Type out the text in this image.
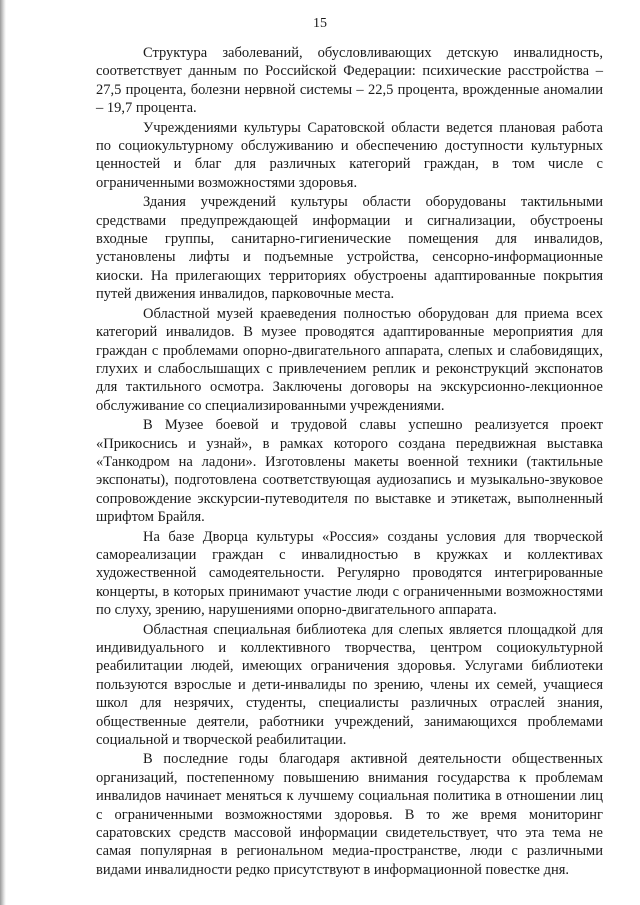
15

Структура заболеваний, обусловливающих детскую инвалидность, соответствует данным по Российской Федерации: психические расстройства – 27,5 процента, болезни нервной системы – 22,5 процента, врожденные аномалии – 19,7 процента.

Учреждениями культуры Саратовской области ведется плановая работа по социокультурному обслуживанию и обеспечению доступности культурных ценностей и благ для различных категорий граждан, в том числе с ограниченными возможностями здоровья.

Здания учреждений культуры области оборудованы тактильными средствами предупреждающей информации и сигнализации, обустроены входные группы, санитарно-гигиенические помещения для инвалидов, установлены лифты и подъемные устройства, сенсорно-информационные киоски. На прилегающих территориях обустроены адаптированные покрытия путей движения инвалидов, парковочные места.

Областной музей краеведения полностью оборудован для приема всех категорий инвалидов. В музее проводятся адаптированные мероприятия для граждан с проблемами опорно-двигательного аппарата, слепых и слабовидящих, глухих и слабослышащих с привлечением реплик и реконструкций экспонатов для тактильного осмотра. Заключены договоры на экскурсионно-лекционное обслуживание со специализированными учреждениями.

В Музее боевой и трудовой славы успешно реализуется проект «Прикоснись и узнай», в рамках которого создана передвижная выставка «Танкодром на ладони». Изготовлены макеты военной техники (тактильные экспонаты), подготовлена соответствующая аудиозапись и музыкально-звуковое сопровождение экскурсии-путеводителя по выставке и этикетаж, выполненный шрифтом Брайля.

На базе Дворца культуры «Россия» созданы условия для творческой самореализации граждан с инвалидностью в кружках и коллективах художественной самодеятельности. Регулярно проводятся интегрированные концерты, в которых принимают участие люди с ограниченными возможностями по слуху, зрению, нарушениями опорно-двигательного аппарата.

Областная специальная библиотека для слепых является площадкой для индивидуального и коллективного творчества, центром социокультурной реабилитации людей, имеющих ограничения здоровья. Услугами библиотеки пользуются взрослые и дети-инвалиды по зрению, члены их семей, учащиеся школ для незрячих, студенты, специалисты различных отраслей знания, общественные деятели, работники учреждений, занимающихся проблемами социальной и творческой реабилитации.

В последние годы благодаря активной деятельности общественных организаций, постепенному повышению внимания государства к проблемам инвалидов начинает меняться к лучшему социальная политика в отношении лиц с ограниченными возможностями здоровья. В то же время мониторинг саратовских средств массовой информации свидетельствует, что эта тема не самая популярная в региональном медиа-пространстве, люди с различными видами инвалидности редко присутствуют в информационной повестке дня.
